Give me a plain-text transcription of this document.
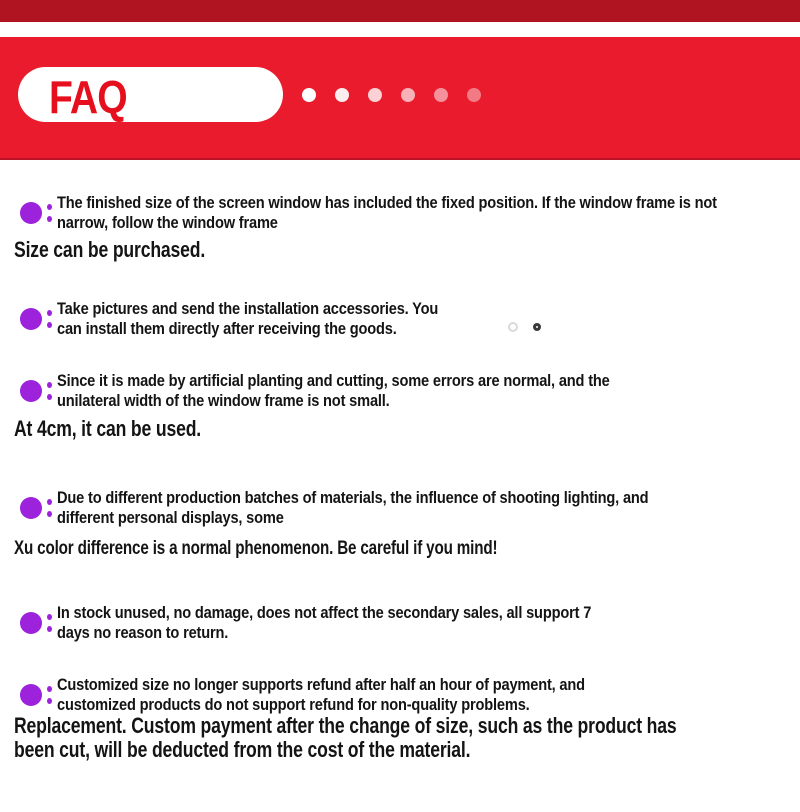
FAQ
The finished size of the screen window has included the fixed position. If the window frame is not
narrow, follow the window frame
Size can be purchased.
Take pictures and send the installation accessories. You
can install them directly after receiving the goods.
Since it is made by artificial planting and cutting, some errors are normal, and the
unilateral width of the window frame is not small.
At 4cm, it can be used.
Due to different production batches of materials, the influence of shooting lighting, and
different personal displays, some
Xu color difference is a normal phenomenon. Be careful if you mind!
In stock unused, no damage, does not affect the secondary sales, all support 7
days no reason to return.
Customized size no longer supports refund after half an hour of payment, and
customized products do not support refund for non-quality problems.
Replacement. Custom payment after the change of size, such as the product has
been cut, will be deducted from the cost of the material.
